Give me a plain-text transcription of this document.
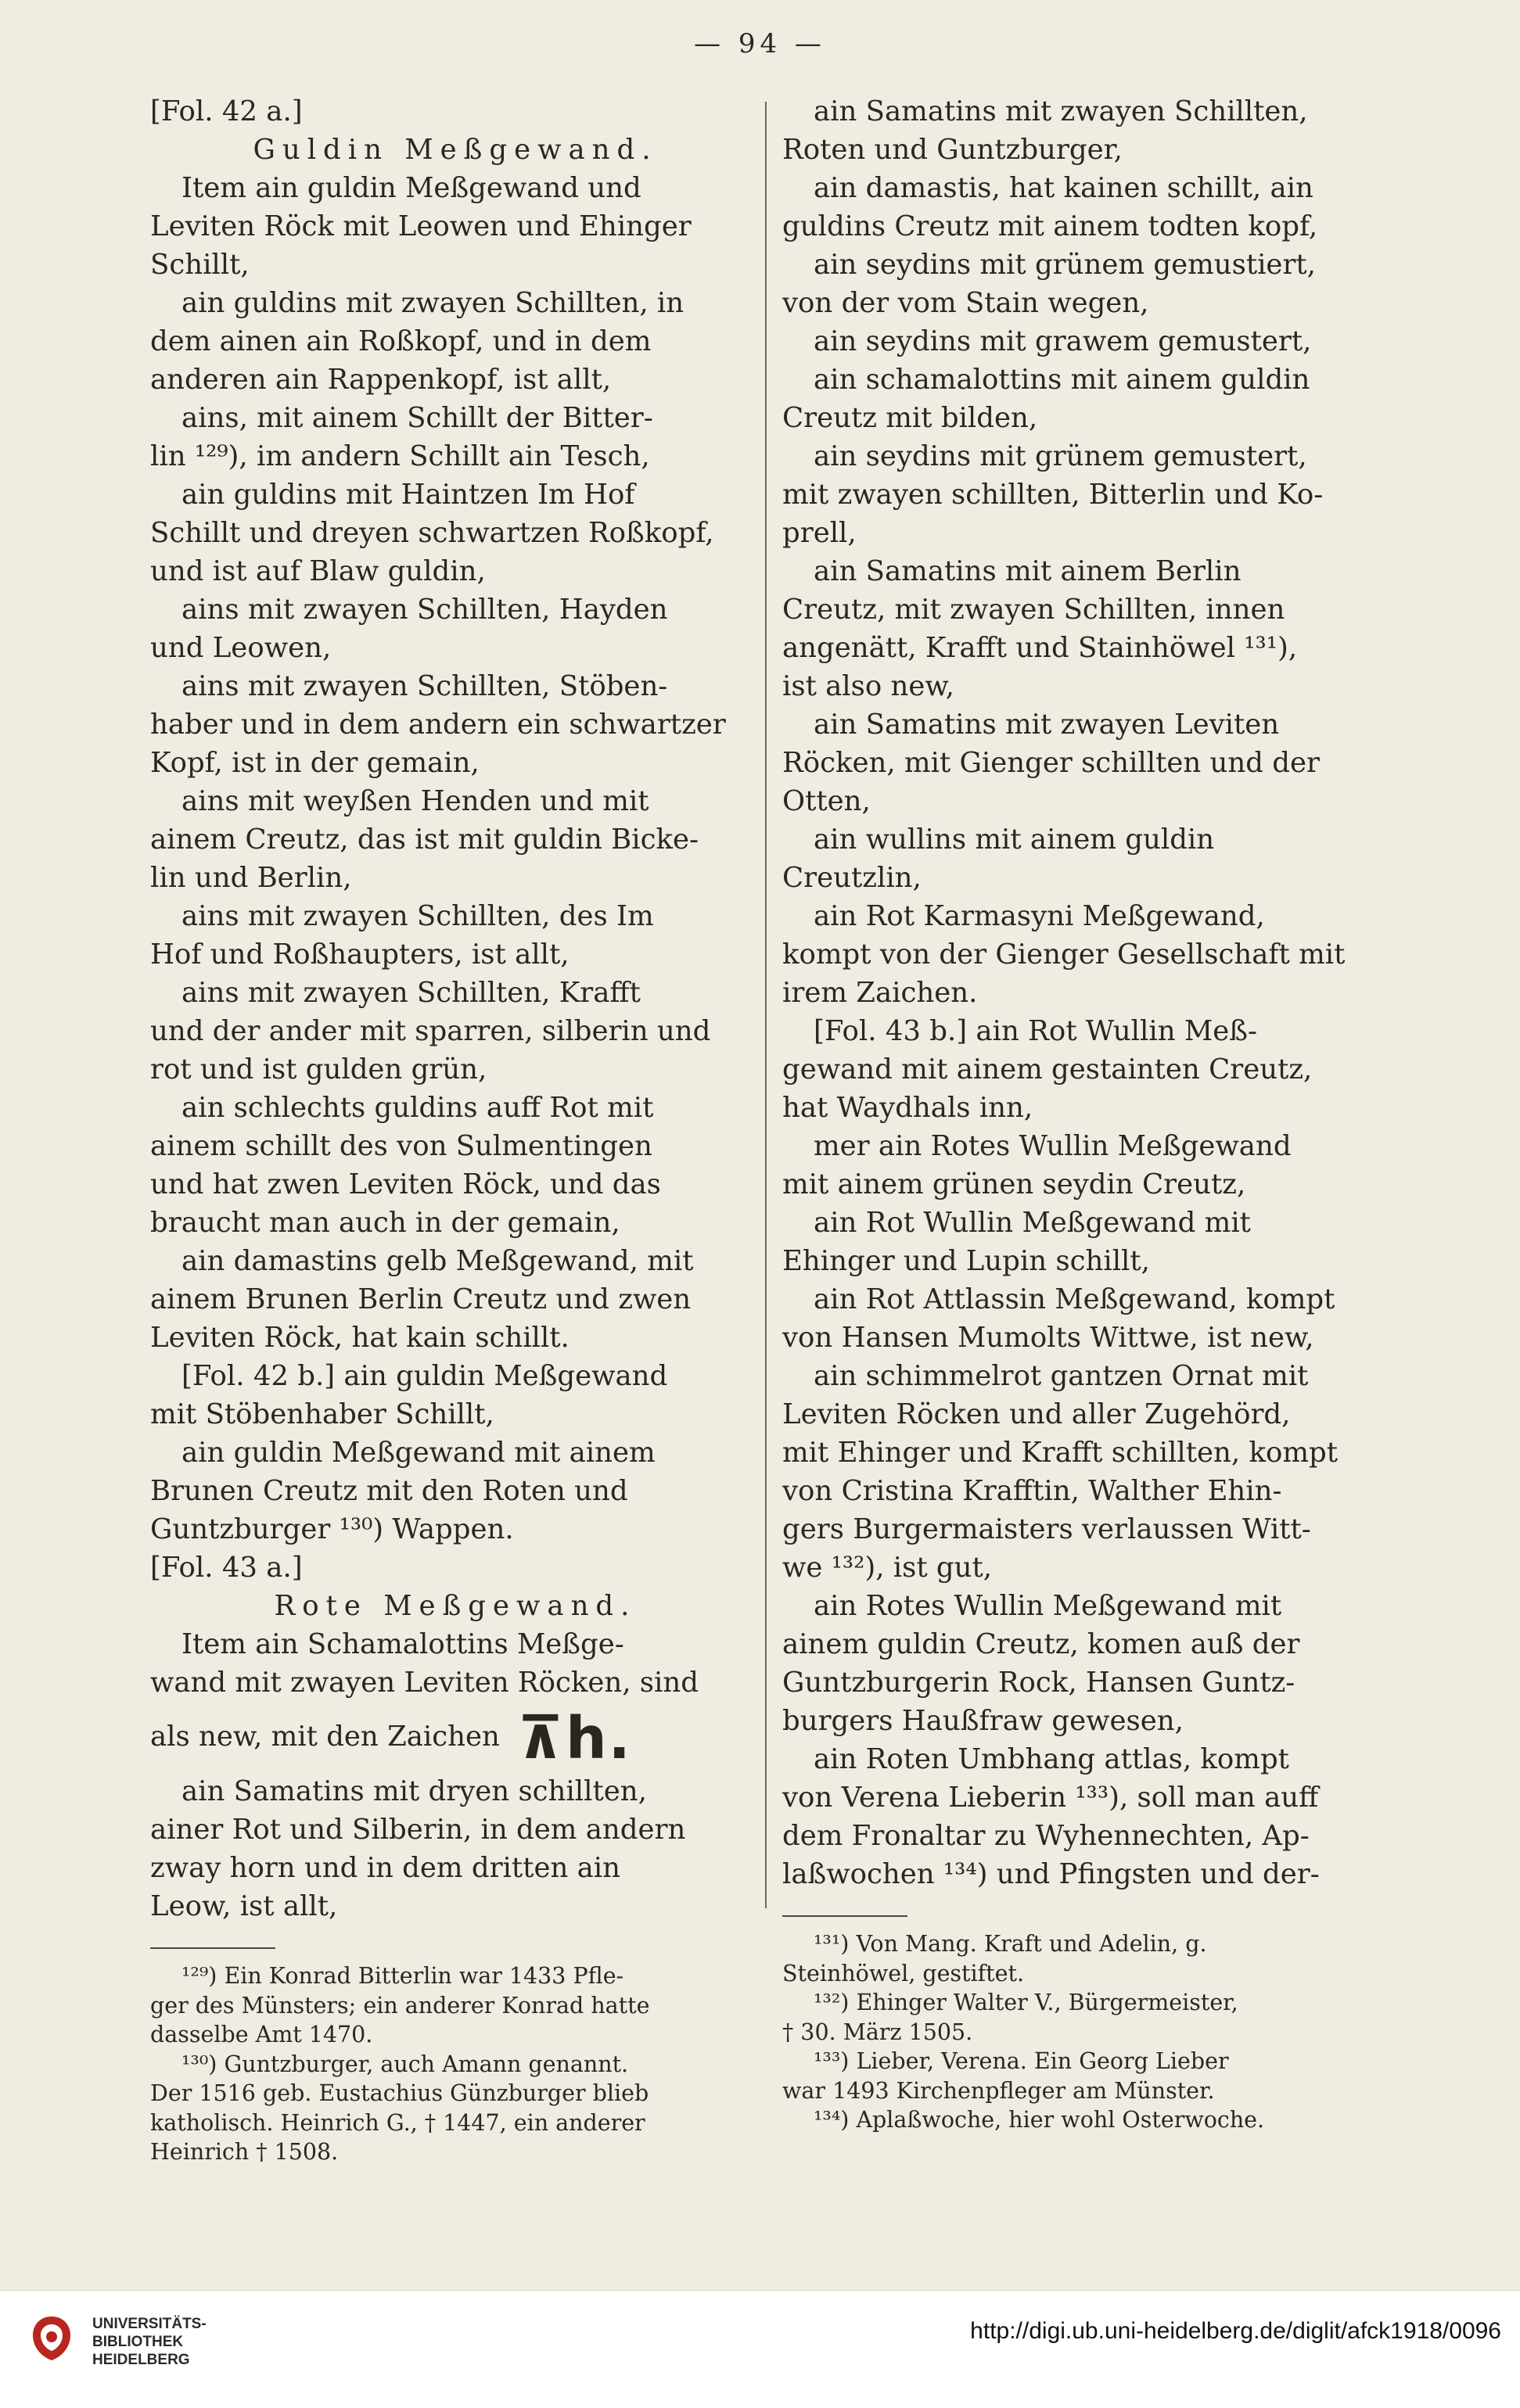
— 94 —
[Fol. 42 a.]
Guldin Meßgewand.
Item ain guldin Meßgewand und
Leviten Röck mit Leowen und Ehinger
Schillt,
ain guldins mit zwayen Schillten, in
dem ainen ain Roßkopf, und in dem
anderen ain Rappenkopf, ist allt,
ains, mit ainem Schillt der Bitter-
lin ¹²⁹), im andern Schillt ain Tesch,
ain guldins mit Haintzen Im Hof
Schillt und dreyen schwartzen Roßkopf,
und ist auf Blaw guldin,
ains mit zwayen Schillten, Hayden
und Leowen,
ains mit zwayen Schillten, Stöben-
haber und in dem andern ein schwartzer
Kopf, ist in der gemain,
ains mit weyßen Henden und mit
ainem Creutz, das ist mit guldin Bicke-
lin und Berlin,
ains mit zwayen Schillten, des Im
Hof und Roßhaupters, ist allt,
ains mit zwayen Schillten, Krafft
und der ander mit sparren, silberin und
rot und ist gulden grün,
ain schlechts guldins auff Rot mit
ainem schillt des von Sulmentingen
und hat zwen Leviten Röck, und das
braucht man auch in der gemain,
ain damastins gelb Meßgewand, mit
ainem Brunen Berlin Creutz und zwen
Leviten Röck, hat kain schillt.
[Fol. 42 b.] ain guldin Meßgewand
mit Stöbenhaber Schillt,
ain guldin Meßgewand mit ainem
Brunen Creutz mit den Roten und
Guntzburger ¹³⁰) Wappen.
[Fol. 43 a.]
Rote Meßgewand.
Item ain Schamalottins Meßge-
wand mit zwayen Leviten Röcken, sind
als new, mit den Zaichen ⊼h.
ain Samatins mit dryen schillten,
ainer Rot und Silberin, in dem andern
zway horn und in dem dritten ain
Leow, ist allt,
¹²⁹) Ein Konrad Bitterlin war 1433 Pfle-
ger des Münsters; ein anderer Konrad hatte
dasselbe Amt 1470.
¹³⁰) Guntzburger, auch Amann genannt.
Der 1516 geb. Eustachius Günzburger blieb
katholisch. Heinrich G., † 1447, ein anderer
Heinrich † 1508.
ain Samatins mit zwayen Schillten,
Roten und Guntzburger,
ain damastis, hat kainen schillt, ain
guldins Creutz mit ainem todten kopf,
ain seydins mit grünem gemustiert,
von der vom Stain wegen,
ain seydins mit grawem gemustert,
ain schamalottins mit ainem guldin
Creutz mit bilden,
ain seydins mit grünem gemustert,
mit zwayen schillten, Bitterlin und Ko-
prell,
ain Samatins mit ainem Berlin
Creutz, mit zwayen Schillten, innen
angenätt, Krafft und Stainhöwel ¹³¹),
ist also new,
ain Samatins mit zwayen Leviten
Röcken, mit Gienger schillten und der
Otten,
ain wullins mit ainem guldin
Creutzlin,
ain Rot Karmasyni Meßgewand,
kompt von der Gienger Gesellschaft mit
irem Zaichen.
[Fol. 43 b.] ain Rot Wullin Meß-
gewand mit ainem gestainten Creutz,
hat Waydhals inn,
mer ain Rotes Wullin Meßgewand
mit ainem grünen seydin Creutz,
ain Rot Wullin Meßgewand mit
Ehinger und Lupin schillt,
ain Rot Attlassin Meßgewand, kompt
von Hansen Mumolts Wittwe, ist new,
ain schimmelrot gantzen Ornat mit
Leviten Röcken und aller Zugehörd,
mit Ehinger und Krafft schillten, kompt
von Cristina Krafftin, Walther Ehin-
gers Burgermaisters verlaussen Witt-
we ¹³²), ist gut,
ain Rotes Wullin Meßgewand mit
ainem guldin Creutz, komen auß der
Guntzburgerin Rock, Hansen Guntz-
burgers Haußfraw gewesen,
ain Roten Umbhang attlas, kompt
von Verena Lieberin ¹³³), soll man auff
dem Fronaltar zu Wyhennechten, Ap-
laßwochen ¹³⁴) und Pfingsten und der-
¹³¹) Von Mang. Kraft und Adelin, g.
Steinhöwel, gestiftet.
¹³²) Ehinger Walter V., Bürgermeister,
† 30. März 1505.
¹³³) Lieber, Verena. Ein Georg Lieber
war 1493 Kirchenpfleger am Münster.
¹³⁴) Aplaßwoche, hier wohl Osterwoche.
UNIVERSITÄTS-
BIBLIOTHEK
HEIDELBERG
http://digi.ub.uni-heidelberg.de/diglit/afck1918/0096
